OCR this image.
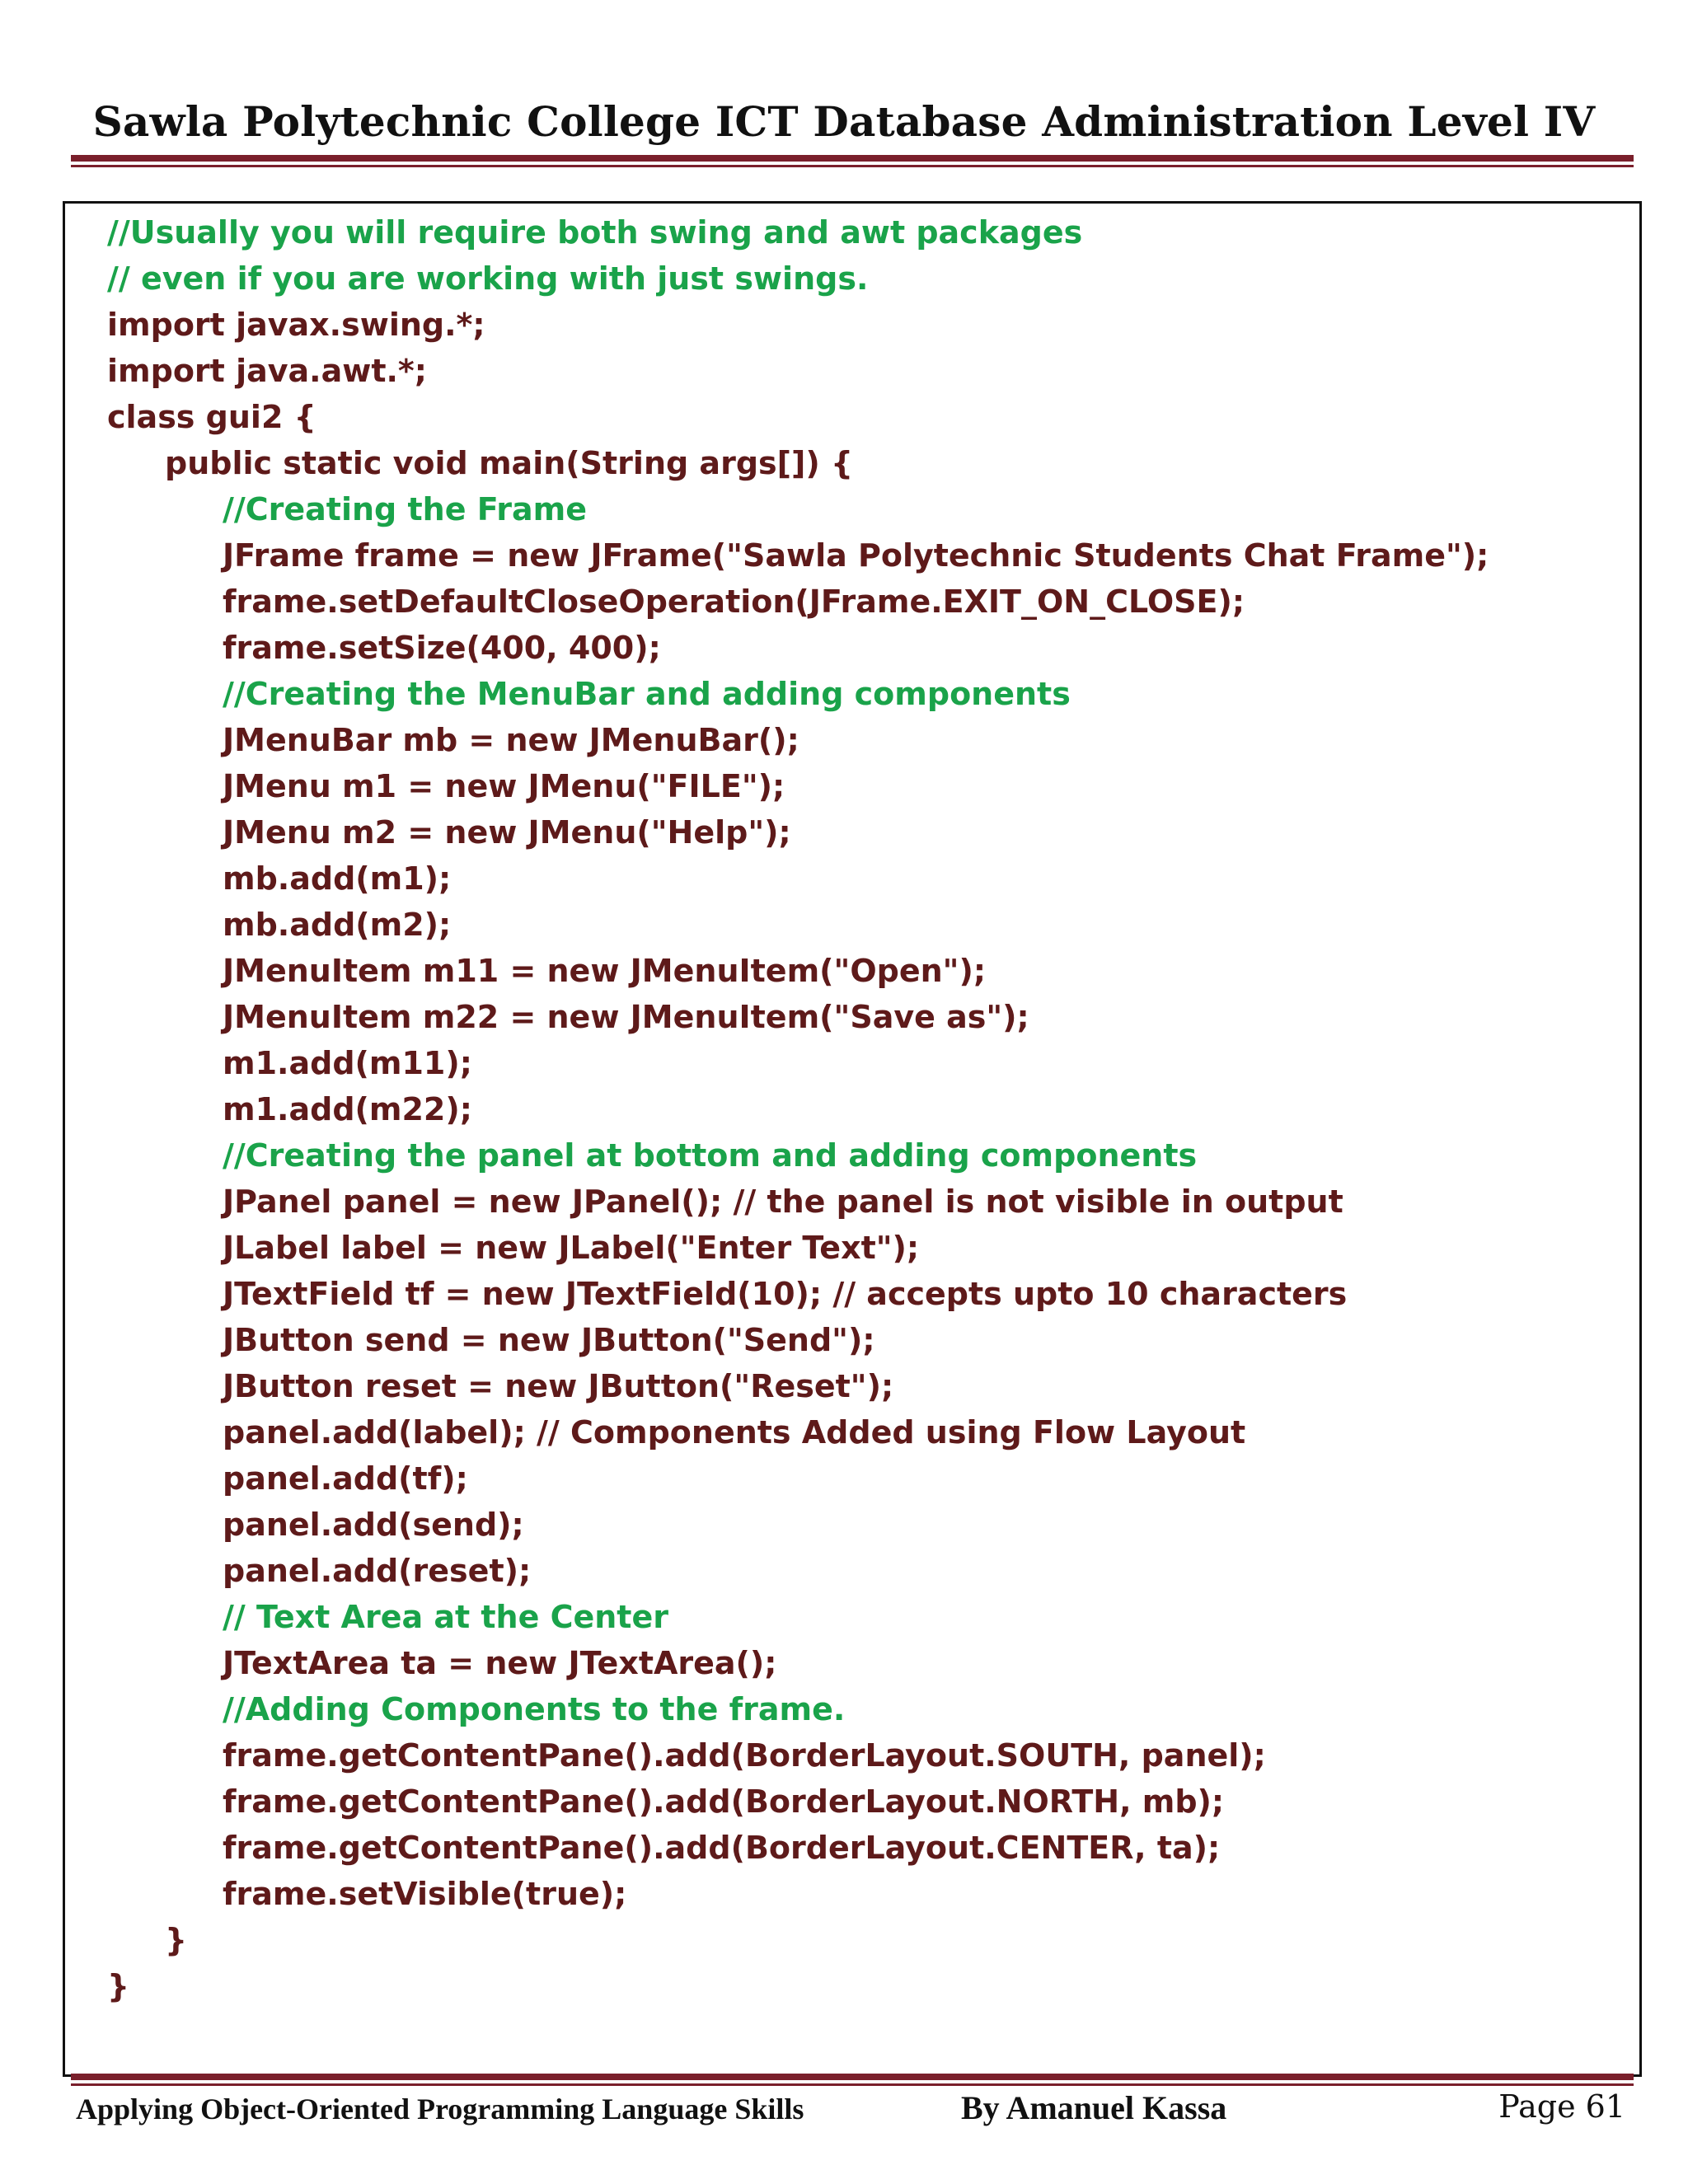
Sawla Polytechnic College ICT Database Administration Level IV
//Usually you will require both swing and awt packages
// even if you are working with just swings.
import javax.swing.*;
import java.awt.*;
class gui2 {
public static void main(String args[]) {
//Creating the Frame
JFrame frame = new JFrame("Sawla Polytechnic Students Chat Frame");
frame.setDefaultCloseOperation(JFrame.EXIT_ON_CLOSE);
frame.setSize(400, 400);
//Creating the MenuBar and adding components
JMenuBar mb = new JMenuBar();
JMenu m1 = new JMenu("FILE");
JMenu m2 = new JMenu("Help");
mb.add(m1);
mb.add(m2);
JMenuItem m11 = new JMenuItem("Open");
JMenuItem m22 = new JMenuItem("Save as");
m1.add(m11);
m1.add(m22);
//Creating the panel at bottom and adding components
JPanel panel = new JPanel(); // the panel is not visible in output
JLabel label = new JLabel("Enter Text");
JTextField tf = new JTextField(10); // accepts upto 10 characters
JButton send = new JButton("Send");
JButton reset = new JButton("Reset");
panel.add(label); // Components Added using Flow Layout
panel.add(tf);
panel.add(send);
panel.add(reset);
// Text Area at the Center
JTextArea ta = new JTextArea();
//Adding Components to the frame.
frame.getContentPane().add(BorderLayout.SOUTH, panel);
frame.getContentPane().add(BorderLayout.NORTH, mb);
frame.getContentPane().add(BorderLayout.CENTER, ta);
frame.setVisible(true);
}
}
Applying Object-Oriented Programming Language Skills	By Amanuel Kassa	Page 61
